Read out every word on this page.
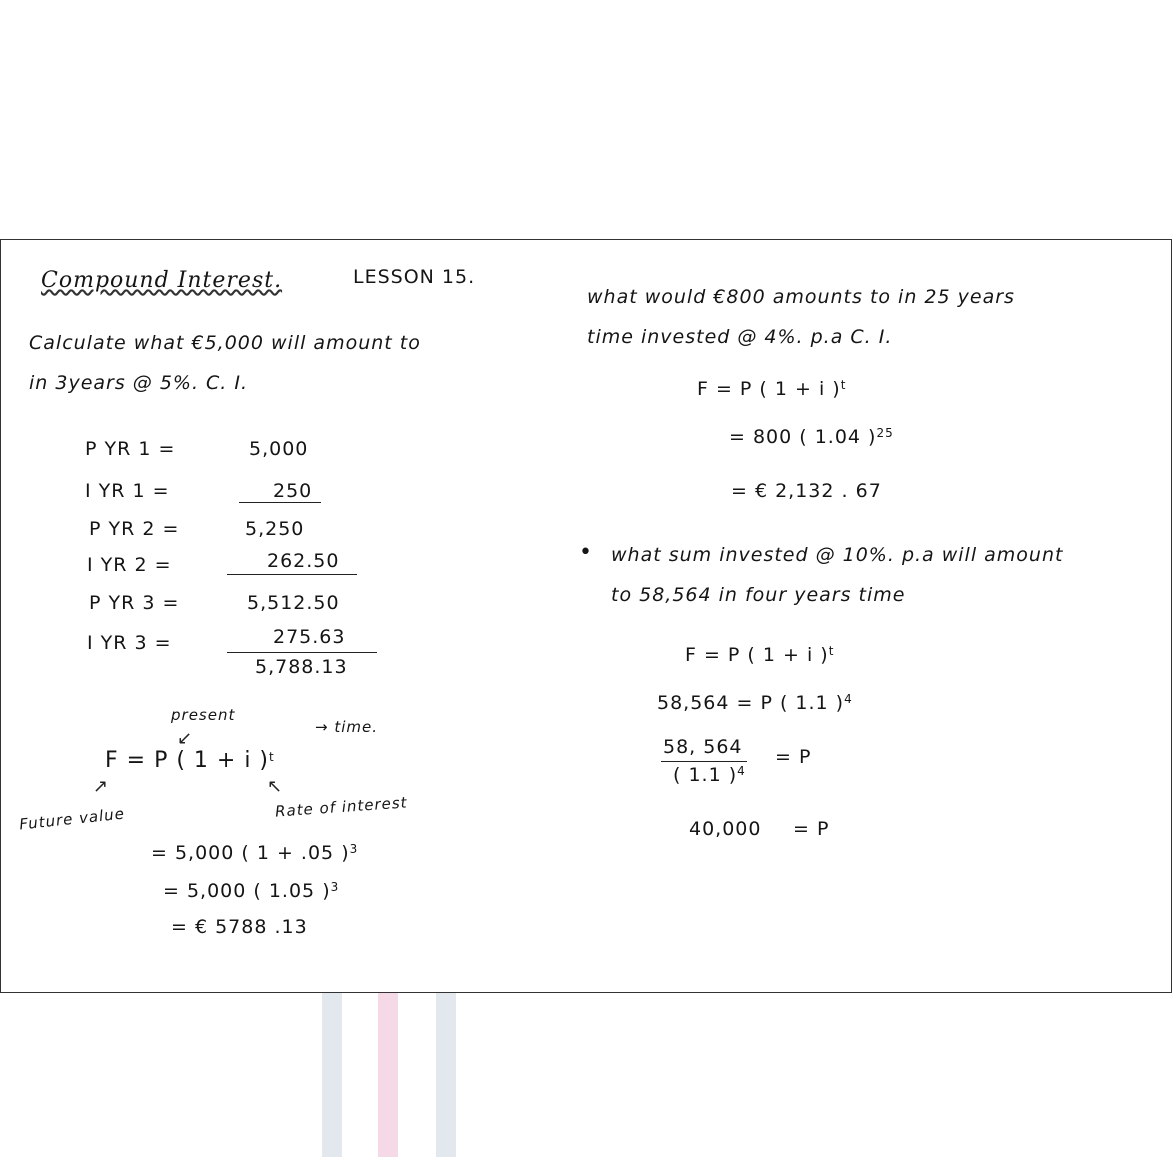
Compound Interest.	LESSON 15.
Calculate what €5,000 will amount to
in 3years @ 5%. C. I.
P YR 1 =	5,000
I YR 1 =	250
P YR 2 =	5,250
I YR 2 =	262.50
P YR 3 =	5,512.50
I YR 3 =	275.63
5,788.13
present
↙
F = P ( 1 + i )$^t$
→ time.
↗	↖
Future value	Rate of interest
= 5,000 ( 1 + .05 )$^3$
= 5,000 ( 1.05 )$^3$
= € 5788 .13
what would €800 amounts to in 25 years
time invested @ 4%. p.a C. I.
F = P ( 1 + i )$^t$
= 800 ( 1.04 )$^{25}$
= € 2,132 . 67
• what sum invested @ 10%. p.a will amount
to 58,564 in four years time
F = P ( 1 + i )$^t$
58,564 = P ( 1.1 )$^4$
58, 564
( 1.1 )$^4$
= P
40,000 = P
